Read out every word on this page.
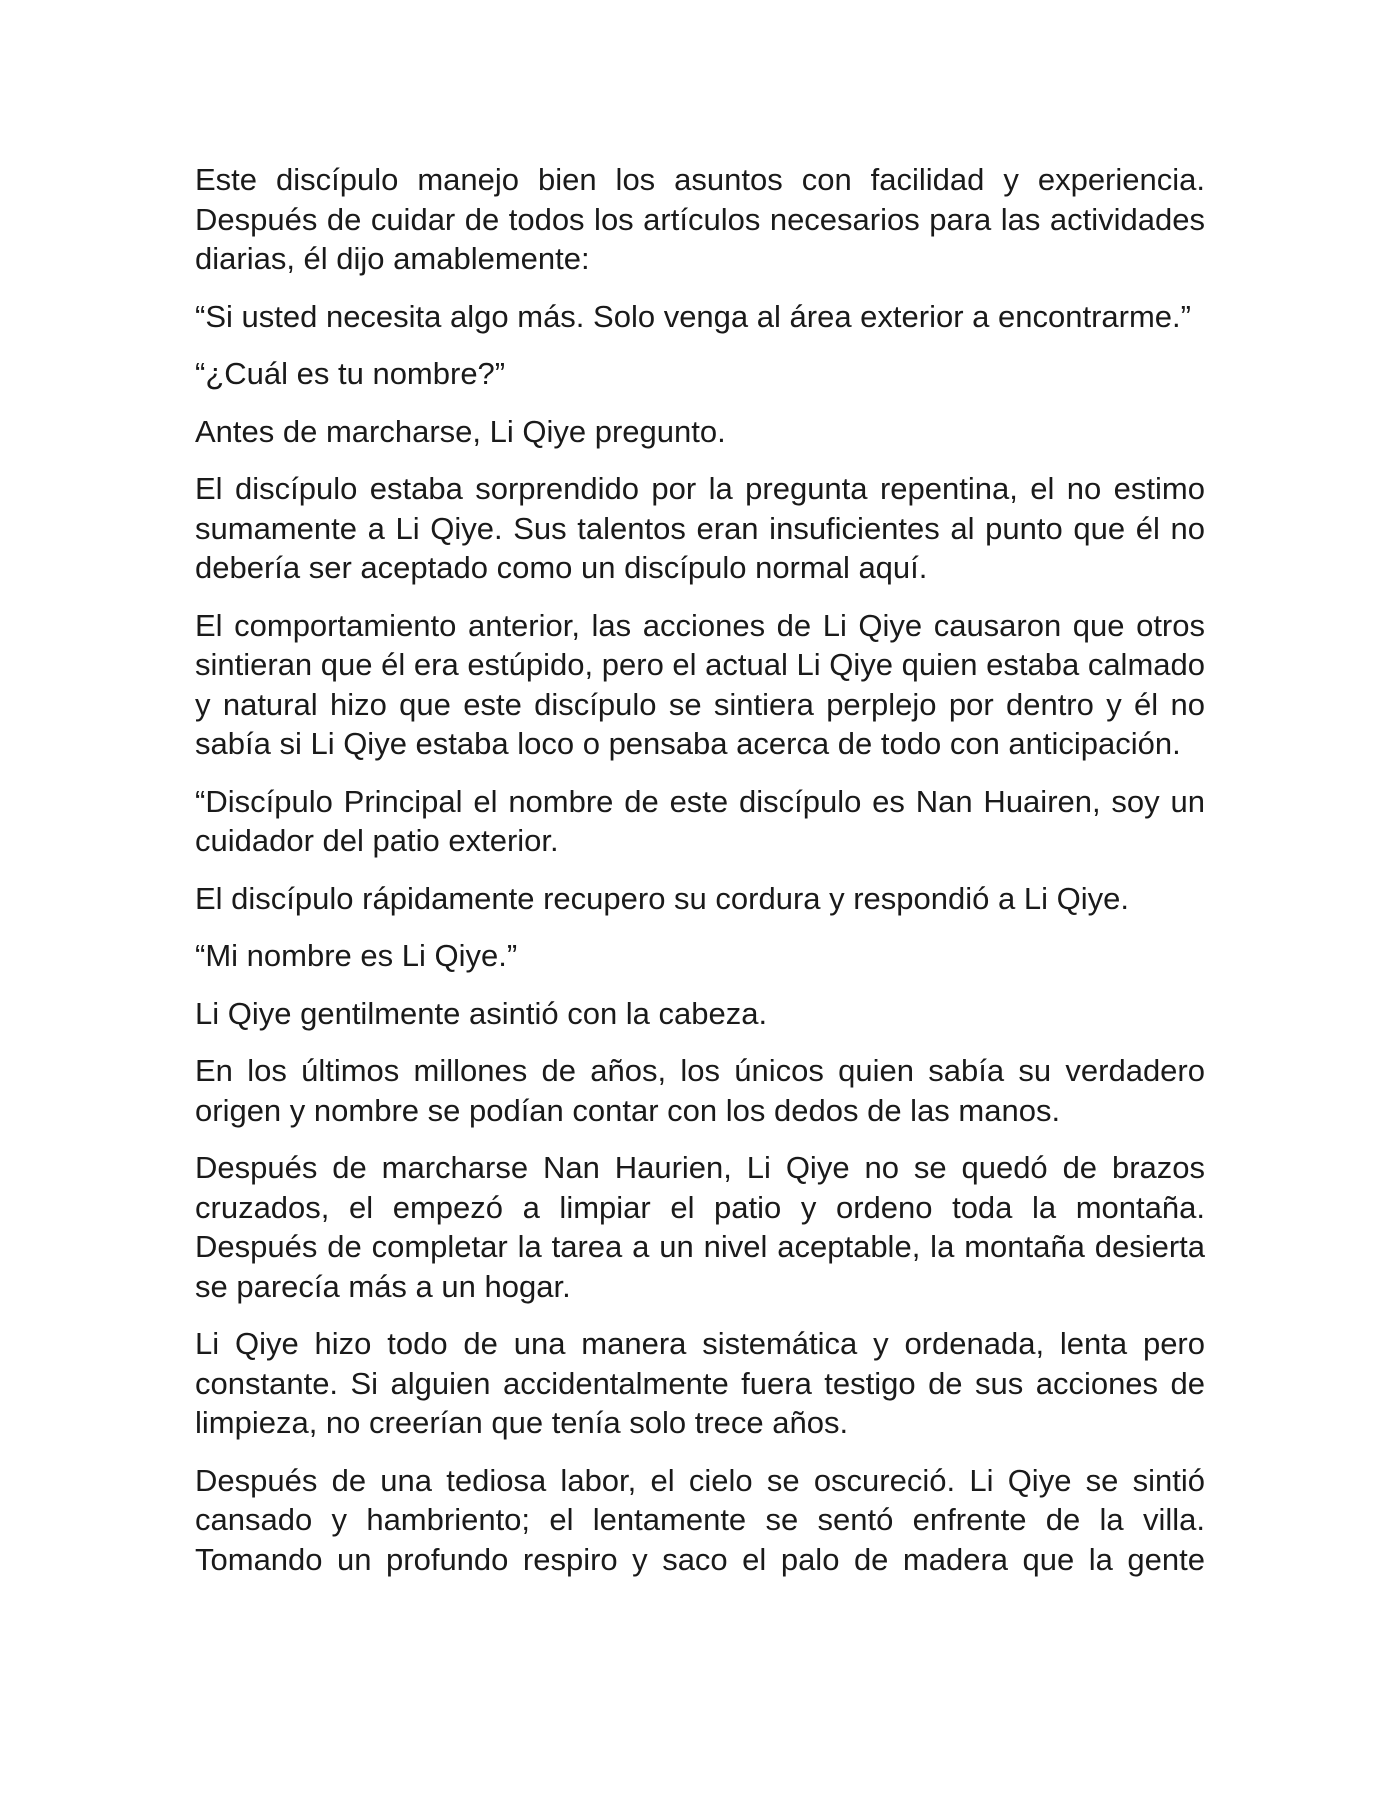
Este discípulo manejo bien los asuntos con facilidad y experiencia. Después de cuidar de todos los artículos necesarios para las actividades diarias, él dijo amablemente:

“Si usted necesita algo más. Solo venga al área exterior a encontrarme.”

“¿Cuál es tu nombre?”

Antes de marcharse, Li Qiye pregunto.

El discípulo estaba sorprendido por la pregunta repentina, el no estimo sumamente a Li Qiye. Sus talentos eran insuficientes al punto que él no debería ser aceptado como un discípulo normal aquí.

El comportamiento anterior, las acciones de Li Qiye causaron que otros sintieran que él era estúpido, pero el actual Li Qiye quien estaba calmado y natural hizo que este discípulo se sintiera perplejo por dentro y él no sabía si Li Qiye estaba loco o pensaba acerca de todo con anticipación.

“Discípulo Principal el nombre de este discípulo es Nan Huairen, soy un cuidador del patio exterior.

El discípulo rápidamente recupero su cordura y respondió a Li Qiye.

“Mi nombre es Li Qiye.”

Li Qiye gentilmente asintió con la cabeza.

En los últimos millones de años, los únicos quien sabía su verdadero origen y nombre se podían contar con los dedos de las manos.

Después de marcharse Nan Haurien, Li Qiye no se quedó de brazos cruzados, el empezó a limpiar el patio y ordeno toda la montaña. Después de completar la tarea a un nivel aceptable, la montaña desierta se parecía más a un hogar.

Li Qiye hizo todo de una manera sistemática y ordenada, lenta pero constante. Si alguien accidentalmente fuera testigo de sus acciones de limpieza, no creerían que tenía solo trece años.

Después de una tediosa labor, el cielo se oscureció. Li Qiye se sintió cansado y hambriento; el lentamente se sentó enfrente de la villa. Tomando un profundo respiro y saco el palo de madera que la gente
